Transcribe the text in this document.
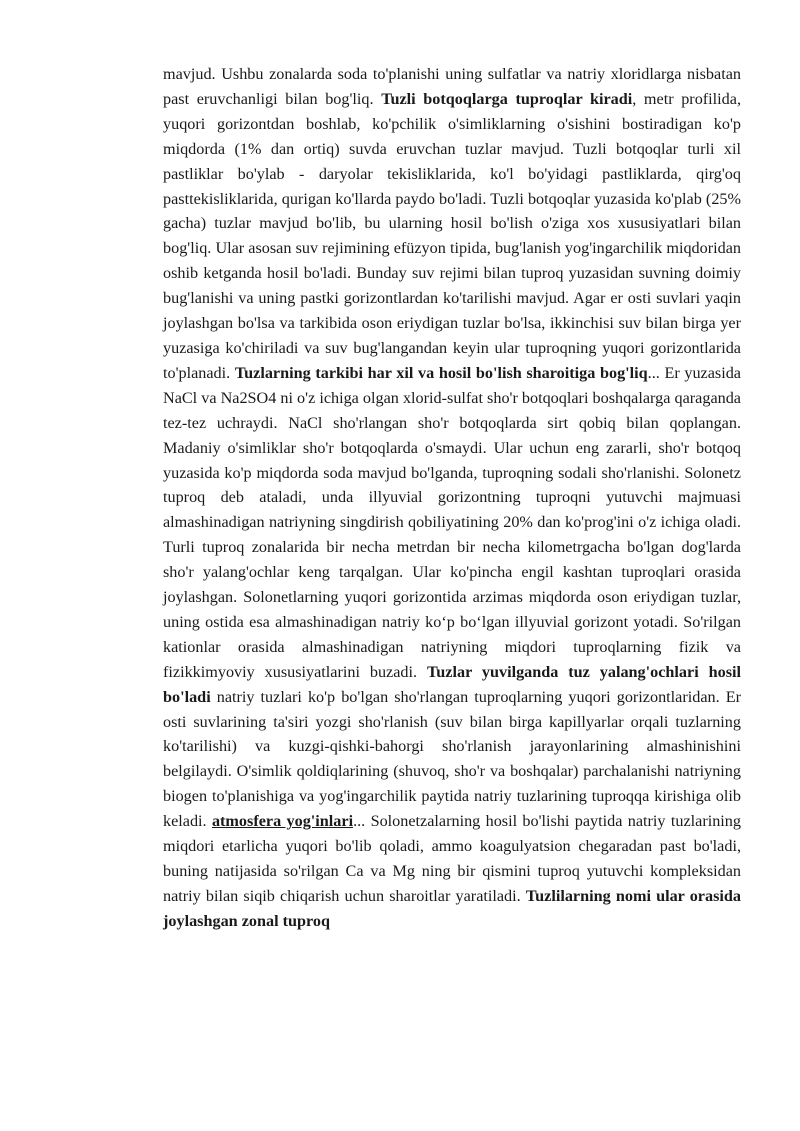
mavjud. Ushbu zonalarda soda to'planishi uning sulfatlar va natriy xloridlarga nisbatan past eruvchanligi bilan bog'liq. Tuzli botqoqlarga tuproqlar kiradi, metr profilida, yuqori gorizontdan boshlab, ko'pchilik o'simliklarning o'sishini bostiradigan ko'p miqdorda (1% dan ortiq) suvda eruvchan tuzlar mavjud. Tuzli botqoqlar turli xil pastliklar bo'ylab - daryolar tekisliklarida, ko'l bo'yidagi pastliklarda, qirg'oq pasttekisliklarida, qurigan ko'llarda paydo bo'ladi. Tuzli botqoqlar yuzasida ko'plab (25% gacha) tuzlar mavjud bo'lib, bu ularning hosil bo'lish o'ziga xos xususiyatlari bilan bog'liq. Ular asosan suv rejimining efüzyon tipida, bug'lanish yog'ingarchilik miqdoridan oshib ketganda hosil bo'ladi. Bunday suv rejimi bilan tuproq yuzasidan suvning doimiy bug'lanishi va uning pastki gorizontlardan ko'tarilishi mavjud. Agar er osti suvlari yaqin joylashgan bo'lsa va tarkibida oson eriydigan tuzlar bo'lsa, ikkinchisi suv bilan birga yer yuzasiga ko'chiriladi va suv bug'langandan keyin ular tuproqning yuqori gorizontlarida to'planadi. Tuzlarning tarkibi har xil va hosil bo'lish sharoitiga bog'liq... Er yuzasida NaCl va Na2SO4 ni o'z ichiga olgan xlorid-sulfat sho'r botqoqlari boshqalarga qaraganda tez-tez uchraydi. NaCl sho'rlangan sho'r botqoqlarda sirt qobiq bilan qoplangan. Madaniy o'simliklar sho'r botqoqlarda o'smaydi. Ular uchun eng zararli, sho'r botqoq yuzasida ko'p miqdorda soda mavjud bo'lganda, tuproqning sodali sho'rlanishi. Solonetz tuproq deb ataladi, unda illyuvial gorizontning tuproqni yutuvchi majmuasi almashinadigan natriyning singdirish qobiliyatining 20% dan ko'prog'ini o'z ichiga oladi. Turli tuproq zonalarida bir necha metrdan bir necha kilometrgacha bo'lgan dog'larda sho'r yalang'ochlar keng tarqalgan. Ular ko'pincha engil kashtan tuproqlari orasida joylashgan. Solonetlarning yuqori gorizontida arzimas miqdorda oson eriydigan tuzlar, uning ostida esa almashinadigan natriy ko‘p bo‘lgan illyuvial gorizont yotadi. So'rilgan kationlar orasida almashinadigan natriyning miqdori tuproqlarning fizik va fizikkimyoviy xususiyatlarini buzadi. Tuzlar yuvilganda tuz yalang'ochlari hosil bo'ladi natriy tuzlari ko'p bo'lgan sho'rlangan tuproqlarning yuqori gorizontlaridan. Er osti suvlarining ta'siri yozgi sho'rlanish (suv bilan birga kapillyarlar orqali tuzlarning ko'tarilishi) va kuzgi-qishki-bahorgi sho'rlanish jarayonlarining almashinishini belgilaydi. O'simlik qoldiqlarining (shuvoq, sho'r va boshqalar) parchalanishi natriyning biogen to'planishiga va yog'ingarchilik paytida natriy tuzlarining tuproqqa kirishiga olib keladi. atmosfera yog'inlari... Solonetzalarning hosil bo'lishi paytida natriy tuzlarining miqdori etarlicha yuqori bo'lib qoladi, ammo koagulyatsion chegaradan past bo'ladi, buning natijasida so'rilgan Ca va Mg ning bir qismini tuproq yutuvchi kompleksidan natriy bilan siqib chiqarish uchun sharoitlar yaratiladi. Tuzlilarning nomi ular orasida joylashgan zonal tuproq
